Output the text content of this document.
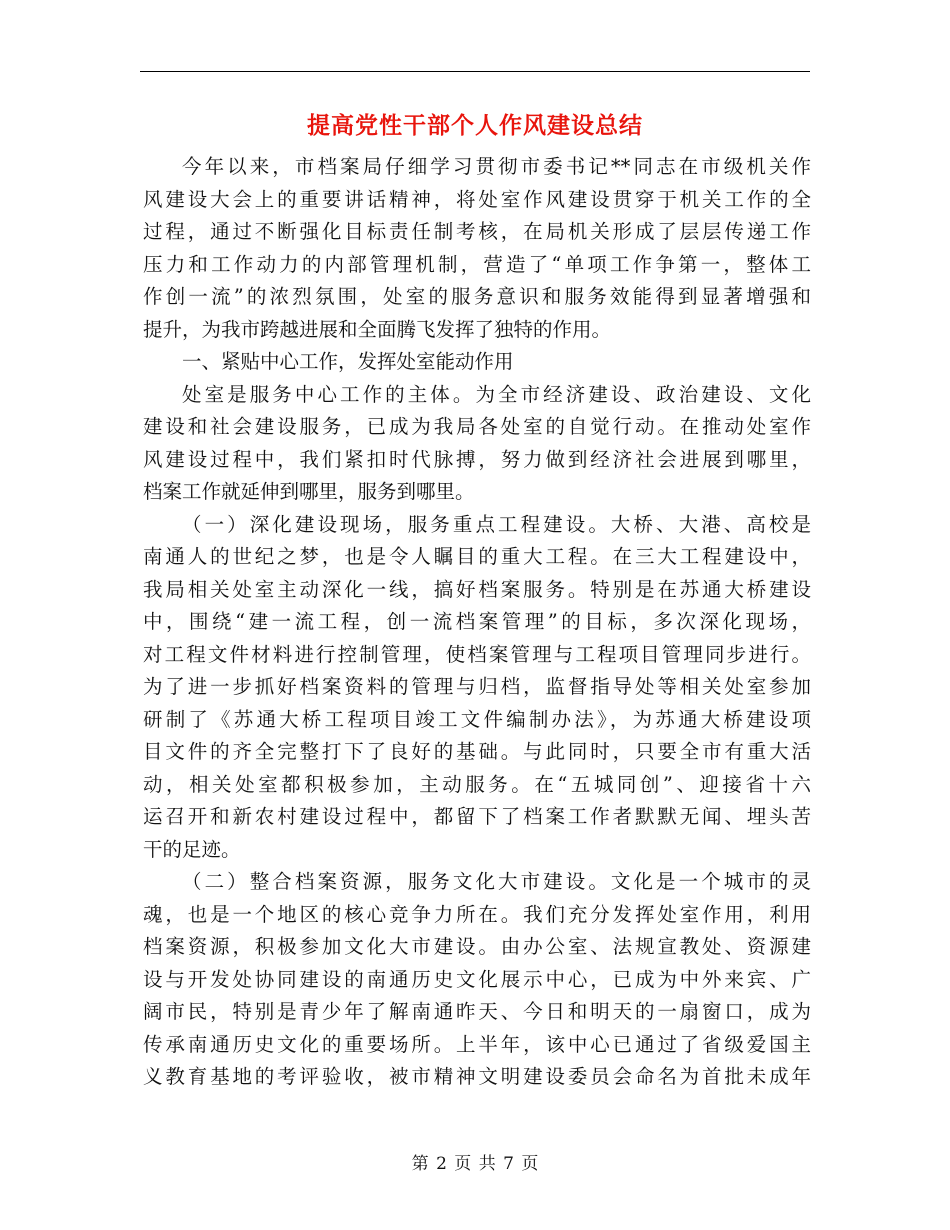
提高党性干部个人作风建设总结
今年以来，市档案局仔细学习贯彻市委书记**同志在市级机关作
风建设大会上的重要讲话精神，将处室作风建设贯穿于机关工作的全
过程，通过不断强化目标责任制考核，在局机关形成了层层传递工作
压力和工作动力的内部管理机制，营造了“单项工作争第一，整体工
作创一流”的浓烈氛围，处室的服务意识和服务效能得到显著增强和
提升，为我市跨越进展和全面腾飞发挥了独特的作用。
一、紧贴中心工作，发挥处室能动作用
处室是服务中心工作的主体。为全市经济建设、政治建设、文化
建设和社会建设服务，已成为我局各处室的自觉行动。在推动处室作
风建设过程中，我们紧扣时代脉搏，努力做到经济社会进展到哪里，
档案工作就延伸到哪里，服务到哪里。
（一）深化建设现场，服务重点工程建设。大桥、大港、高校是
南通人的世纪之梦，也是令人瞩目的重大工程。在三大工程建设中，
我局相关处室主动深化一线，搞好档案服务。特别是在苏通大桥建设
中，围绕“建一流工程，创一流档案管理”的目标，多次深化现场，
对工程文件材料进行控制管理，使档案管理与工程项目管理同步进行。
为了进一步抓好档案资料的管理与归档，监督指导处等相关处室参加
研制了《苏通大桥工程项目竣工文件编制办法》，为苏通大桥建设项
目文件的齐全完整打下了良好的基础。与此同时，只要全市有重大活
动，相关处室都积极参加，主动服务。在“五城同创”、迎接省十六
运召开和新农村建设过程中，都留下了档案工作者默默无闻、埋头苦
干的足迹。
（二）整合档案资源，服务文化大市建设。文化是一个城市的灵
魂，也是一个地区的核心竞争力所在。我们充分发挥处室作用，利用
档案资源，积极参加文化大市建设。由办公室、法规宣教处、资源建
设与开发处协同建设的南通历史文化展示中心，已成为中外来宾、广
阔市民，特别是青少年了解南通昨天、今日和明天的一扇窗口，成为
传承南通历史文化的重要场所。上半年，该中心已通过了省级爱国主
义教育基地的考评验收，被市精神文明建设委员会命名为首批未成年
第 2 页 共 7 页
